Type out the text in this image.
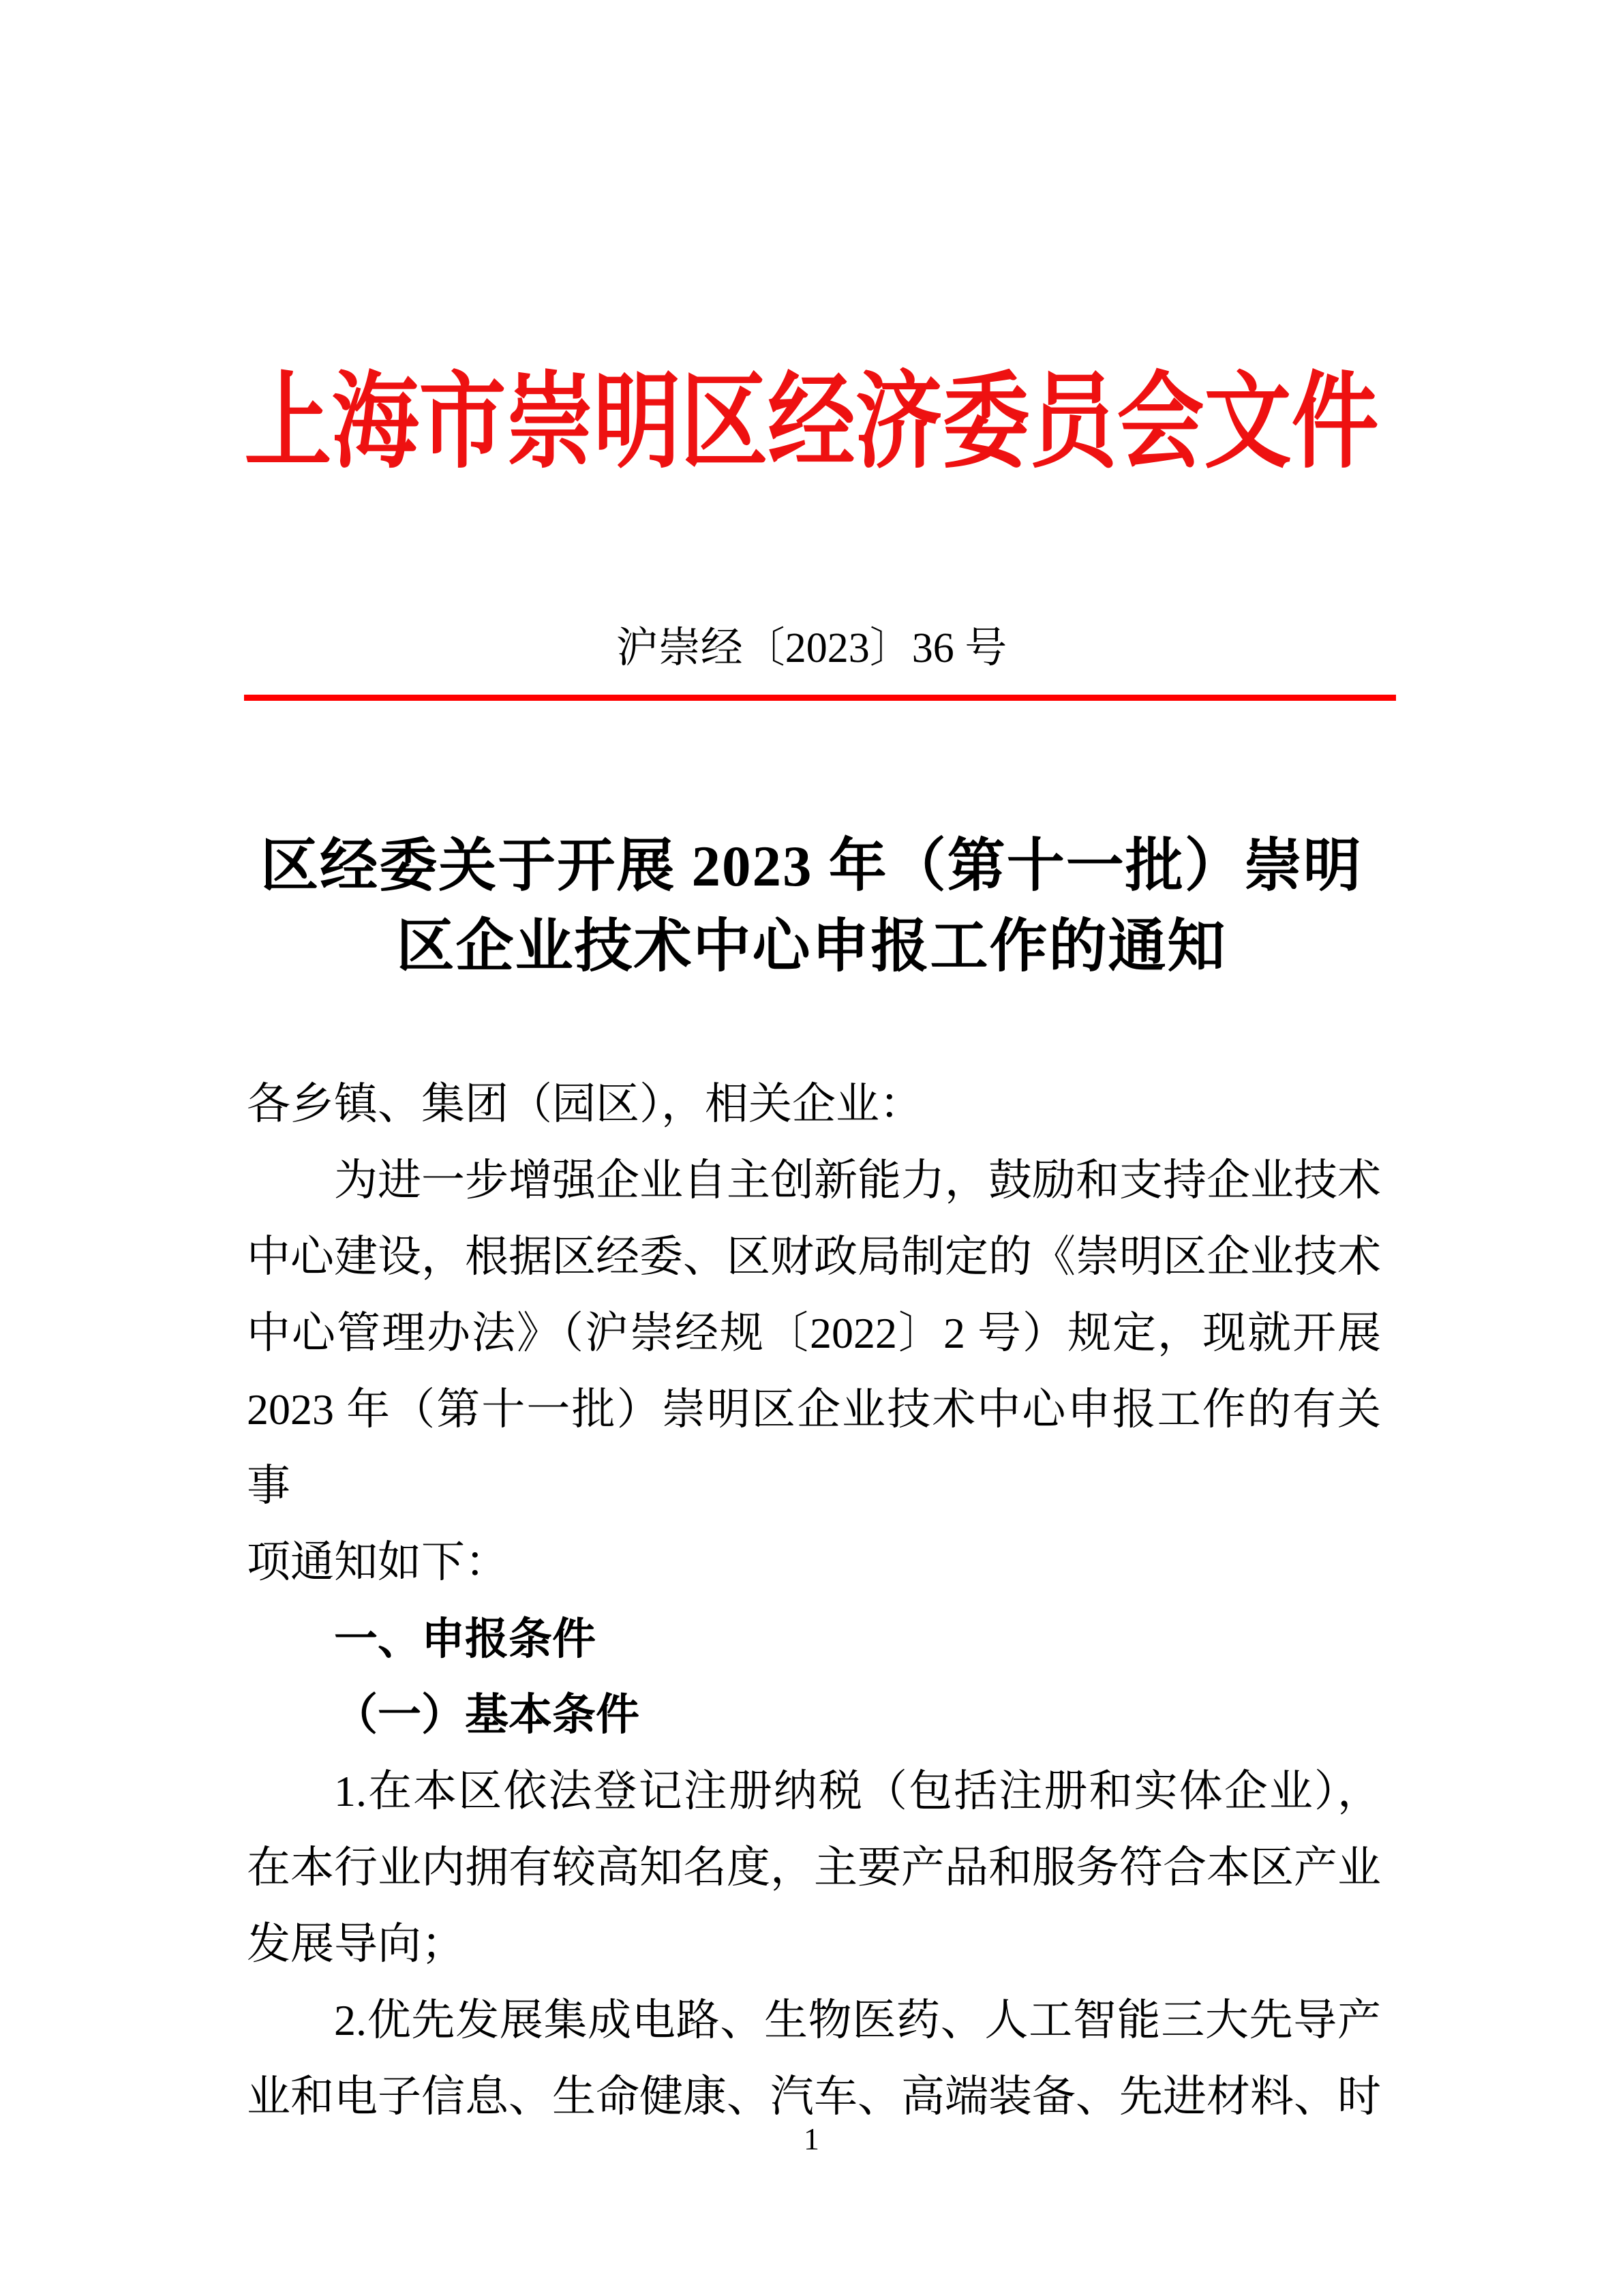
上海市崇明区经济委员会文件
沪崇经〔2023〕36 号
区经委关于开展 2023 年（第十一批）崇明
区企业技术中心申报工作的通知
各乡镇、集团（园区），相关企业：
为进一步增强企业自主创新能力，鼓励和支持企业技术
中心建设，根据区经委、区财政局制定的《崇明区企业技术
中心管理办法》（沪崇经规〔2022〕2 号）规定，现就开展
2023 年（第十一批）崇明区企业技术中心申报工作的有关事
项通知如下：
一、申报条件
（一）基本条件
1.在本区依法登记注册纳税（包括注册和实体企业），
在本行业内拥有较高知名度，主要产品和服务符合本区产业
发展导向；
2.优先发展集成电路、生物医药、人工智能三大先导产
业和电子信息、生命健康、汽车、高端装备、先进材料、时
1
